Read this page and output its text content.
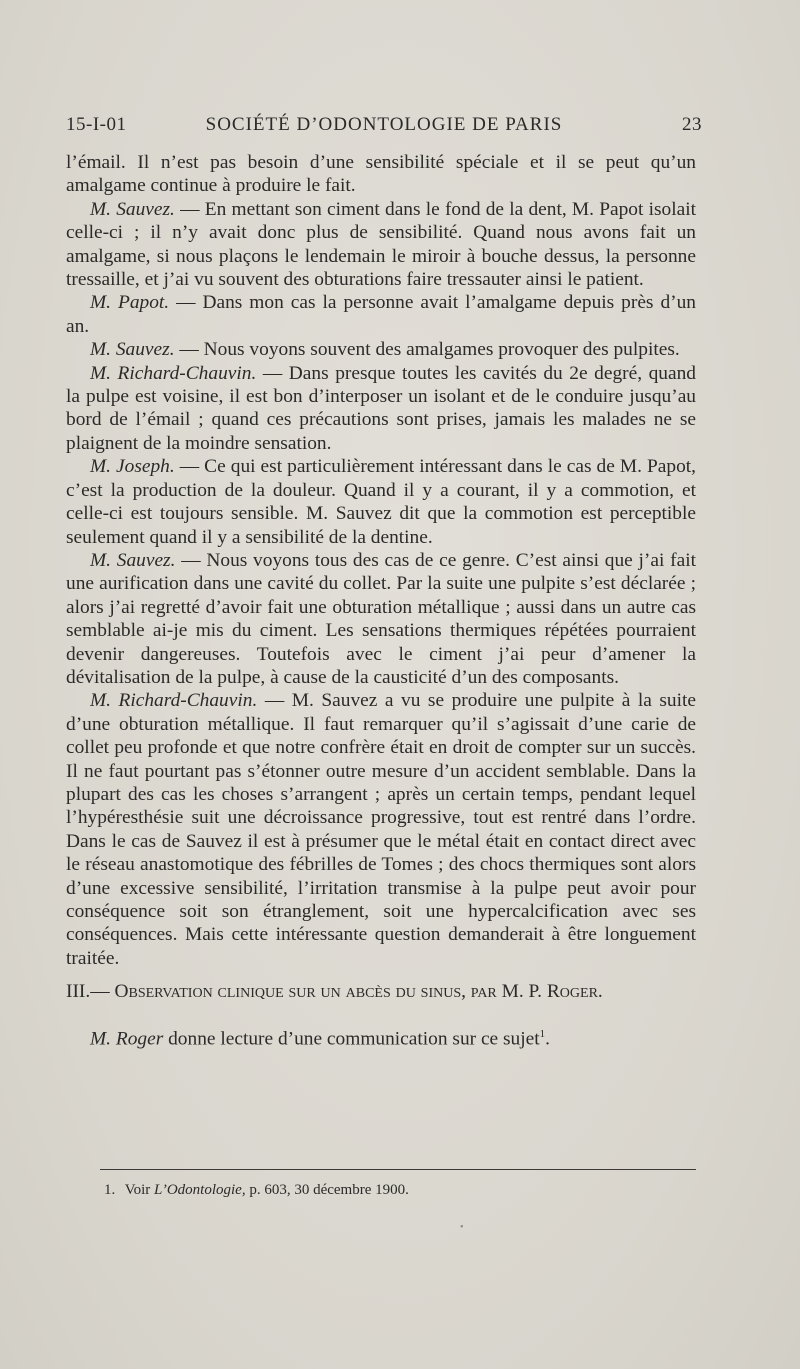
15-I-01	SOCIÉTÉ D’ODONTOLOGIE DE PARIS	23

l’émail. Il n’est pas besoin d’une sensibilité spéciale et il se peut qu’un amalgame continue à produire le fait.

M. Sauvez. — En mettant son ciment dans le fond de la dent, M. Papot isolait celle-ci ; il n’y avait donc plus de sensibilité. Quand nous avons fait un amalgame, si nous plaçons le lendemain le miroir à bouche dessus, la personne tressaille, et j’ai vu souvent des obturations faire tressauter ainsi le patient.

M. Papot. — Dans mon cas la personne avait l’amalgame depuis près d’un an.

M. Sauvez. — Nous voyons souvent des amalgames provoquer des pulpites.

M. Richard-Chauvin. — Dans presque toutes les cavités du 2e degré, quand la pulpe est voisine, il est bon d’interposer un isolant et de le conduire jusqu’au bord de l’émail ; quand ces précautions sont prises, jamais les malades ne se plaignent de la moindre sensation.

M. Joseph. — Ce qui est particulièrement intéressant dans le cas de M. Papot, c’est la production de la douleur. Quand il y a courant, il y a commotion, et celle-ci est toujours sensible. M. Sauvez dit que la commotion est perceptible seulement quand il y a sensibilité de la dentine.

M. Sauvez. — Nous voyons tous des cas de ce genre. C’est ainsi que j’ai fait une aurification dans une cavité du collet. Par la suite une pulpite s’est déclarée ; alors j’ai regretté d’avoir fait une obturation métallique ; aussi dans un autre cas semblable ai-je mis du ciment. Les sensations thermiques répétées pourraient devenir dangereuses. Toutefois avec le ciment j’ai peur d’amener la dévitalisation de la pulpe, à cause de la causticité d’un des composants.

M. Richard-Chauvin. — M. Sauvez a vu se produire une pulpite à la suite d’une obturation métallique. Il faut remarquer qu’il s’agissait d’une carie de collet peu profonde et que notre confrère était en droit de compter sur un succès. Il ne faut pourtant pas s’étonner outre mesure d’un accident semblable. Dans la plupart des cas les choses s’arrangent ; après un certain temps, pendant lequel l’hypéresthésie suit une décroissance progressive, tout est rentré dans l’ordre. Dans le cas de Sauvez il est à présumer que le métal était en contact direct avec le réseau anastomotique des fébrilles de Tomes ; des chocs thermiques sont alors d’une excessive sensibilité, l’irritation transmise à la pulpe peut avoir pour conséquence soit son étranglement, soit une hypercalcification avec ses conséquences. Mais cette intéressante question demanderait à être longuement traitée.

III.— Observation clinique sur un abcès du sinus, par M. P. Roger.

M. Roger donne lecture d’une communication sur ce sujet$^1$.

1. Voir L’Odontologie, p. 603, 30 décembre 1900.
•
